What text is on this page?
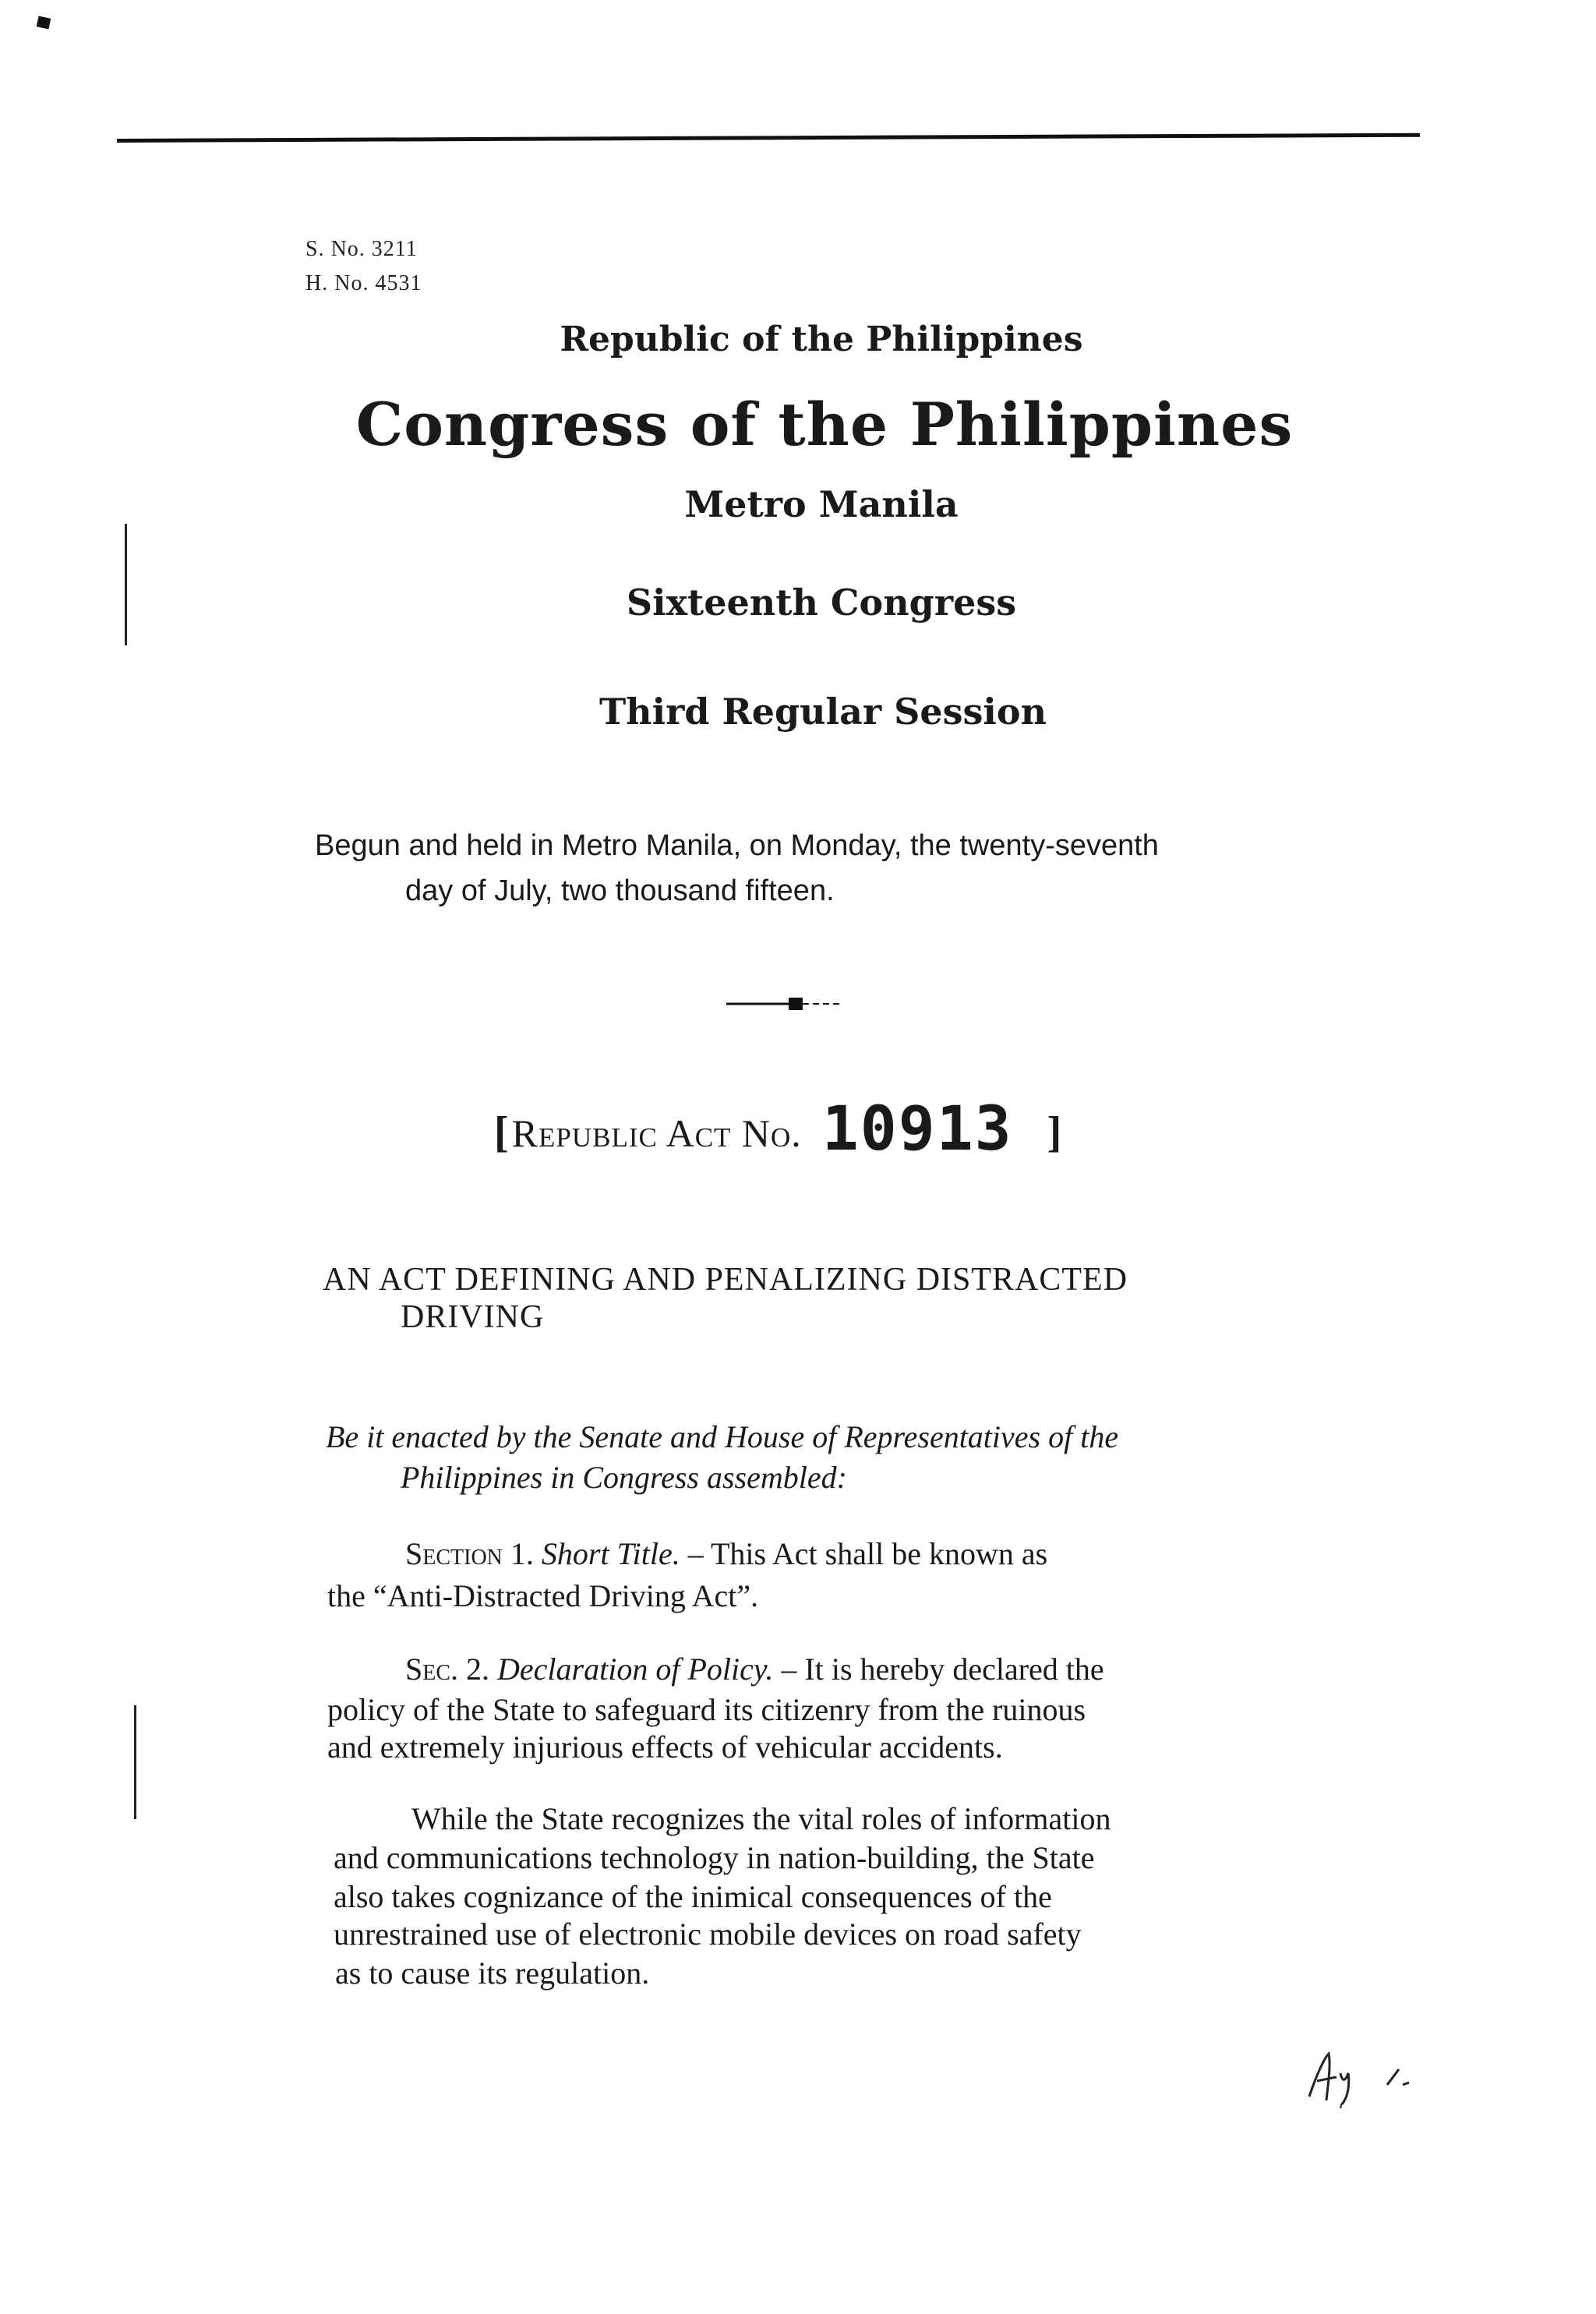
S. No. 3211
H. No. 4531
Republic of the Philippines
Congress of the Philippines
Metro Manila
Sixteenth Congress
Third Regular Session
Begun and held in Metro Manila, on Monday, the twenty-seventh
day of July, two thousand fifteen.
[ Republic Act No. 10913 ]
AN ACT DEFINING AND PENALIZING DISTRACTED
DRIVING
Be it enacted by the Senate and House of Representatives of the
Philippines in Congress assembled:
Section 1. Short Title. – This Act shall be known as
the “Anti-Distracted Driving Act”.
Sec. 2. Declaration of Policy. – It is hereby declared the
policy of the State to safeguard its citizenry from the ruinous
and extremely injurious effects of vehicular accidents.
While the State recognizes the vital roles of information
and communications technology in nation-building, the State
also takes cognizance of the inimical consequences of the
unrestrained use of electronic mobile devices on road safety
as to cause its regulation.
